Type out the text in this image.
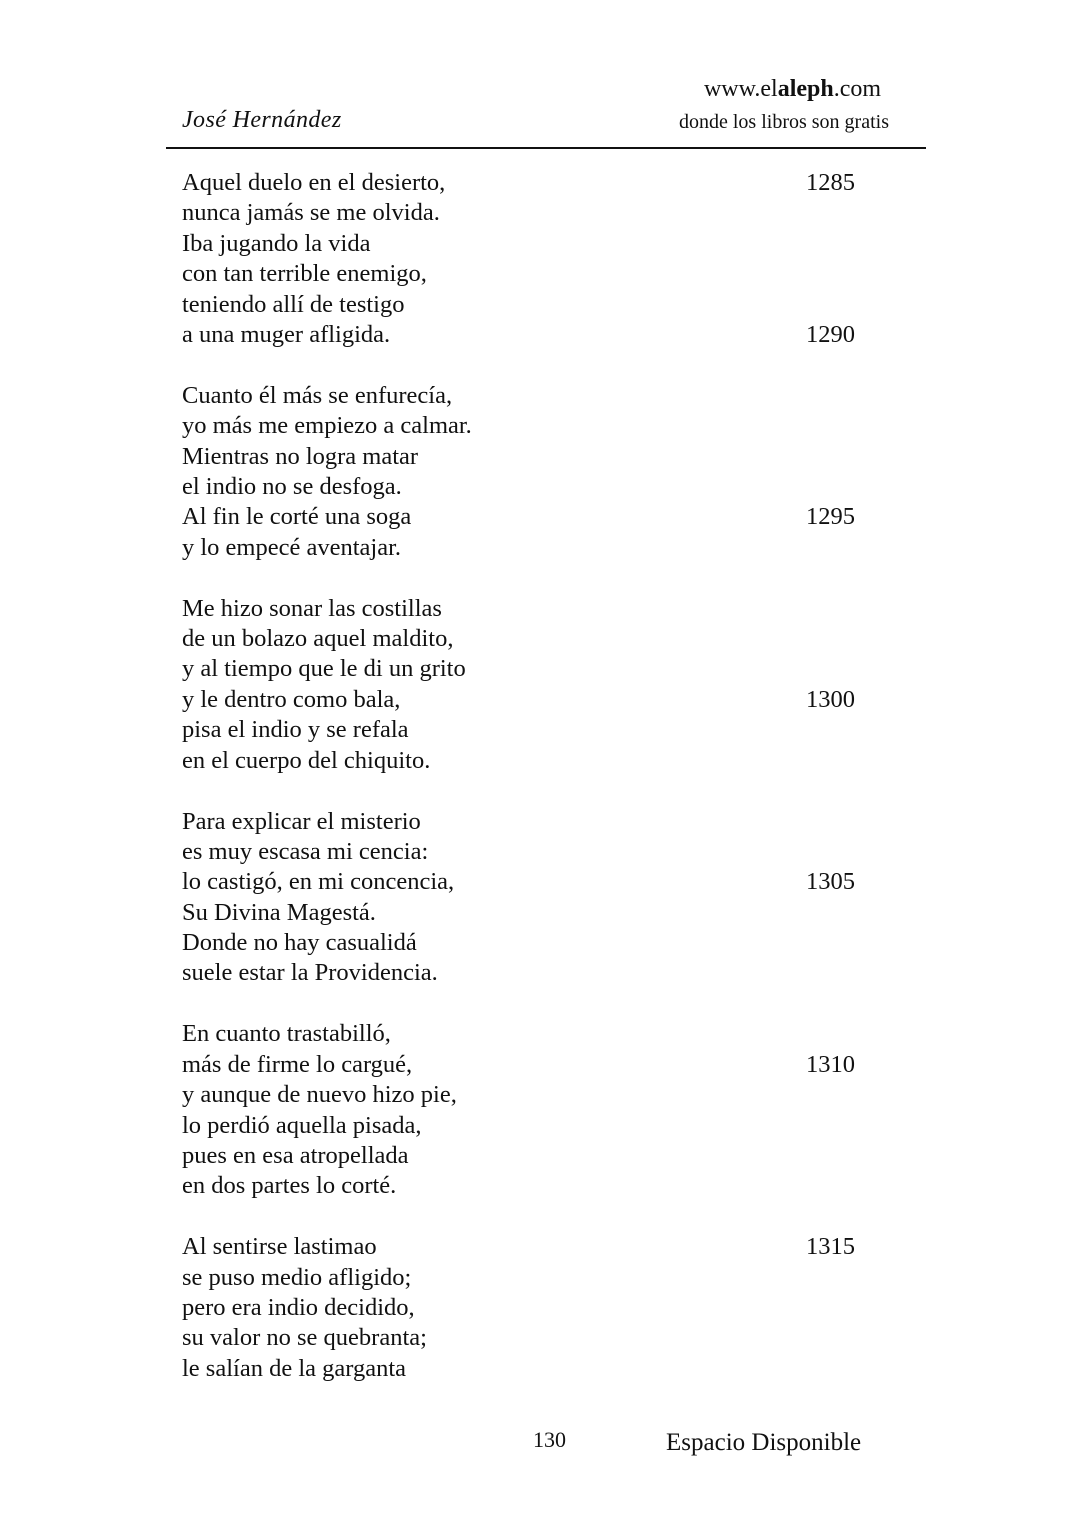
www.elaleph.com
José Hernández	donde los libros son gratis
Aquel duelo en el desierto,	1285
nunca jamás se me olvida.
Iba jugando la vida
con tan terrible enemigo,
teniendo allí de testigo
a una muger afligida.	1290
Cuanto él más se enfurecía,
yo más me empiezo a calmar.
Mientras no logra matar
el indio no se desfoga.
Al fin le corté una soga	1295
y lo empecé aventajar.
Me hizo sonar las costillas
de un bolazo aquel maldito,
y al tiempo que le di un grito
y le dentro como bala,	1300
pisa el indio y se refala
en el cuerpo del chiquito.
Para explicar el misterio
es muy escasa mi cencia:
lo castigó, en mi concencia,	1305
Su Divina Magestá.
Donde no hay casualidá
suele estar la Providencia.
En cuanto trastabilló,
más de firme lo cargué,	1310
y aunque de nuevo hizo pie,
lo perdió aquella pisada,
pues en esa atropellada
en dos partes lo corté.
Al sentirse lastimao	1315
se puso medio afligido;
pero era indio decidido,
su valor no se quebranta;
le salían de la garganta
130	Espacio Disponible
